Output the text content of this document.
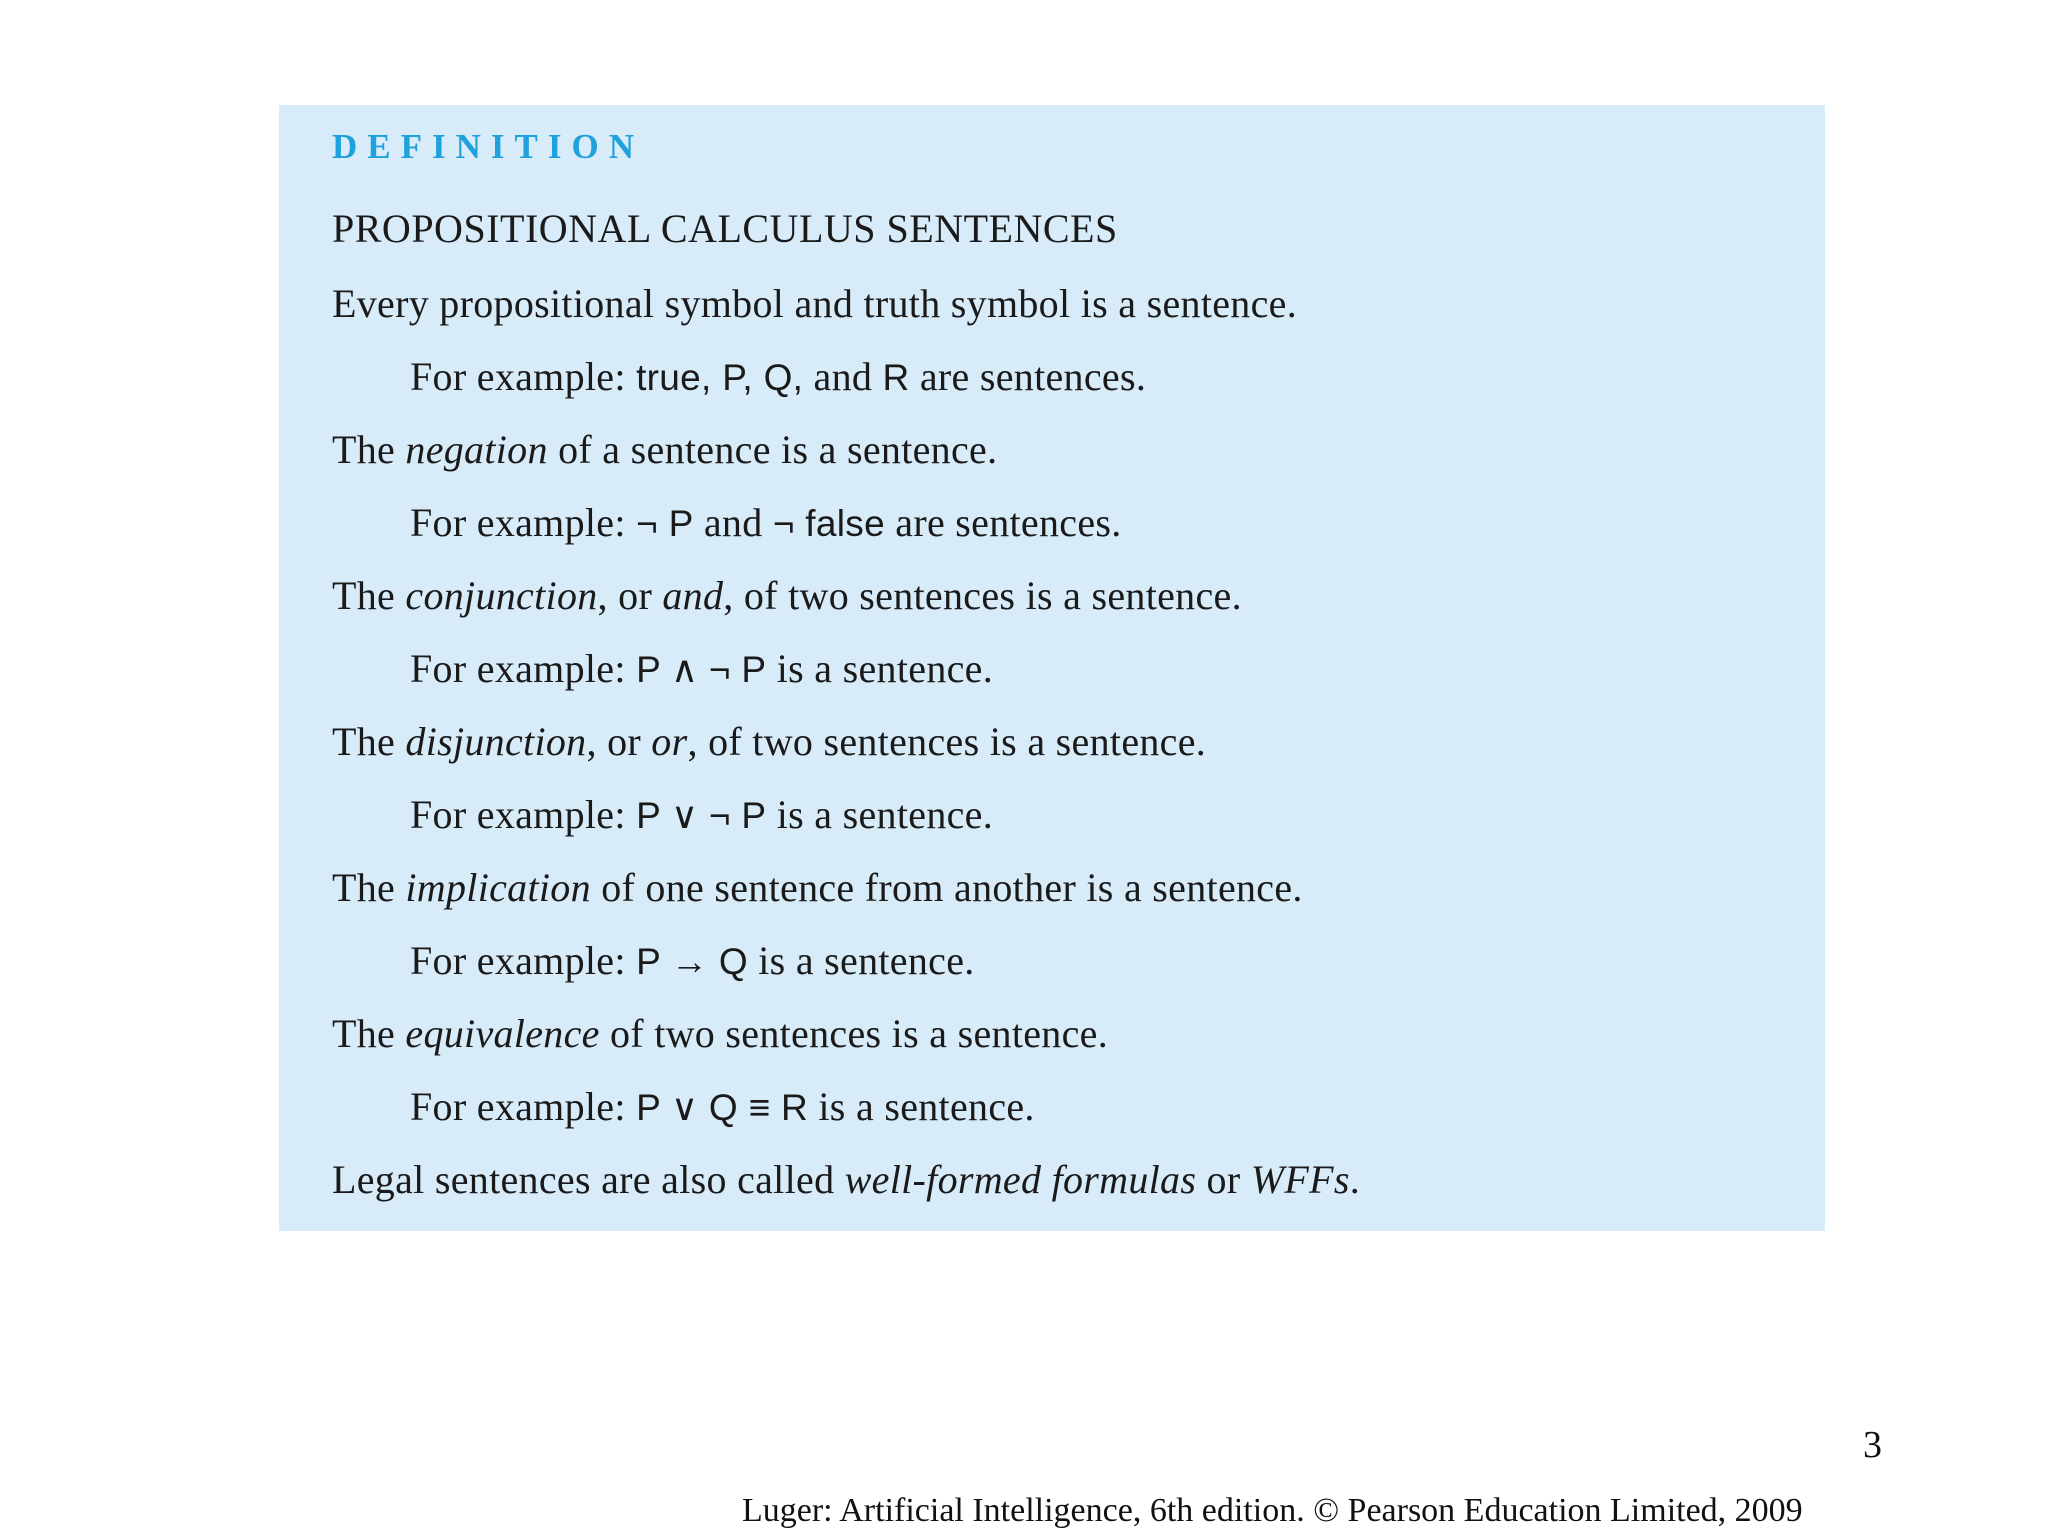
DEFINITION
PROPOSITIONAL CALCULUS SENTENCES
Every propositional symbol and truth symbol is a sentence.
For example: true, P, Q, and R are sentences.
The negation of a sentence is a sentence.
For example: ¬ P and ¬ false are sentences.
The conjunction, or and, of two sentences is a sentence.
For example: P ∧ ¬ P is a sentence.
The disjunction, or or, of two sentences is a sentence.
For example: P ∨ ¬ P is a sentence.
The implication of one sentence from another is a sentence.
For example: P → Q is a sentence.
The equivalence of two sentences is a sentence.
For example: P ∨ Q ≡ R is a sentence.
Legal sentences are also called well-formed formulas or WFFs.
3
Luger: Artificial Intelligence, 6th edition. © Pearson Education Limited, 2009
